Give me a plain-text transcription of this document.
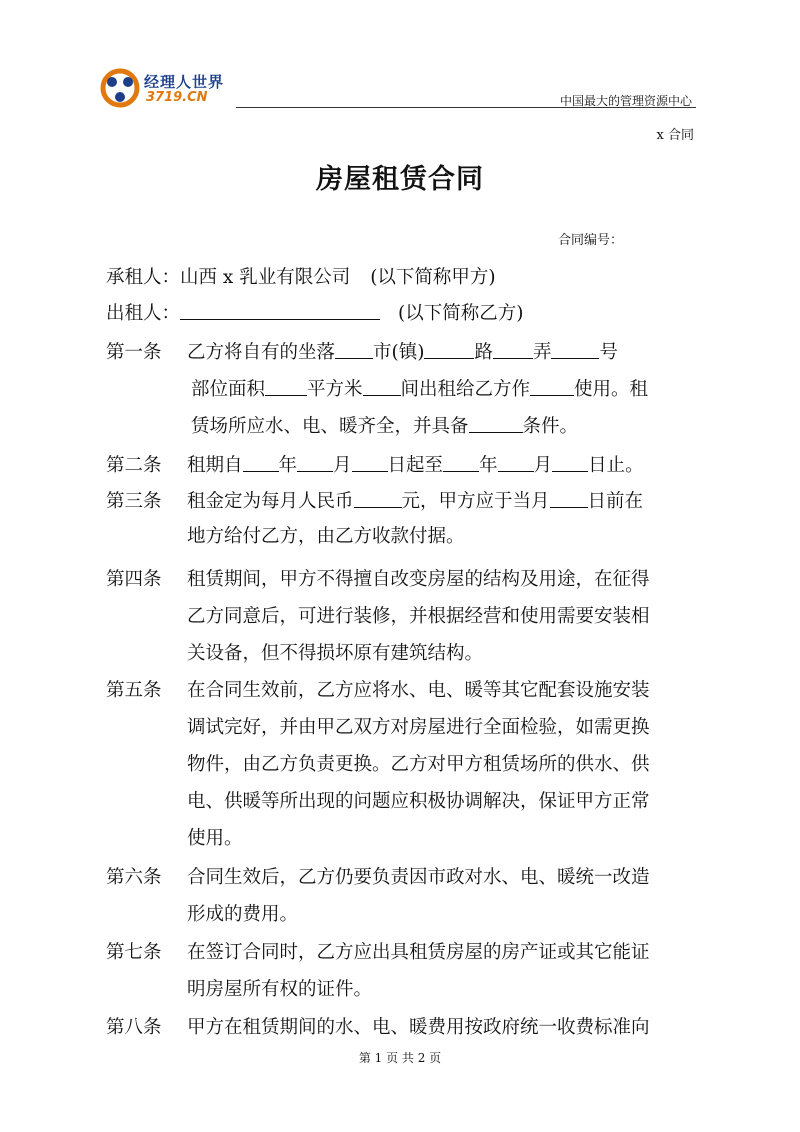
经理人世界
3719.CN	中国最大的管理资源中心
x 合同
房屋租赁合同
合同编号：
承租人：山西 x 乳业有限公司 (以下简称甲方)
出租人：	(以下简称乙方)
第一条 乙方将自有的坐落 市(镇)	路 弄	号
部位面积 平方米 间出租给乙方作 使用。租
赁场所应水、电、暖齐全，并具备	条件。
第二条 租期自 年 月 日起至 年 月 日止。
第三条 租金定为每月人民币	元，甲方应于当月 日前在
地方给付乙方，由乙方收款付据。
第四条 租赁期间，甲方不得擅自改变房屋的结构及用途，在征得
乙方同意后，可进行装修，并根据经营和使用需要安装相
关设备，但不得损坏原有建筑结构。
第五条 在合同生效前，乙方应将水、电、暖等其它配套设施安装
调试完好，并由甲乙双方对房屋进行全面检验，如需更换
物件，由乙方负责更换。乙方对甲方租赁场所的供水、供
电、供暖等所出现的问题应积极协调解决，保证甲方正常
使用。
第六条 合同生效后，乙方仍要负责因市政对水、电、暖统一改造
形成的费用。
第七条 在签订合同时，乙方应出具租赁房屋的房产证或其它能证
明房屋所有权的证件。
第八条 甲方在租赁期间的水、电、暖费用按政府统一收费标准向
第 1 页 共 2 页
